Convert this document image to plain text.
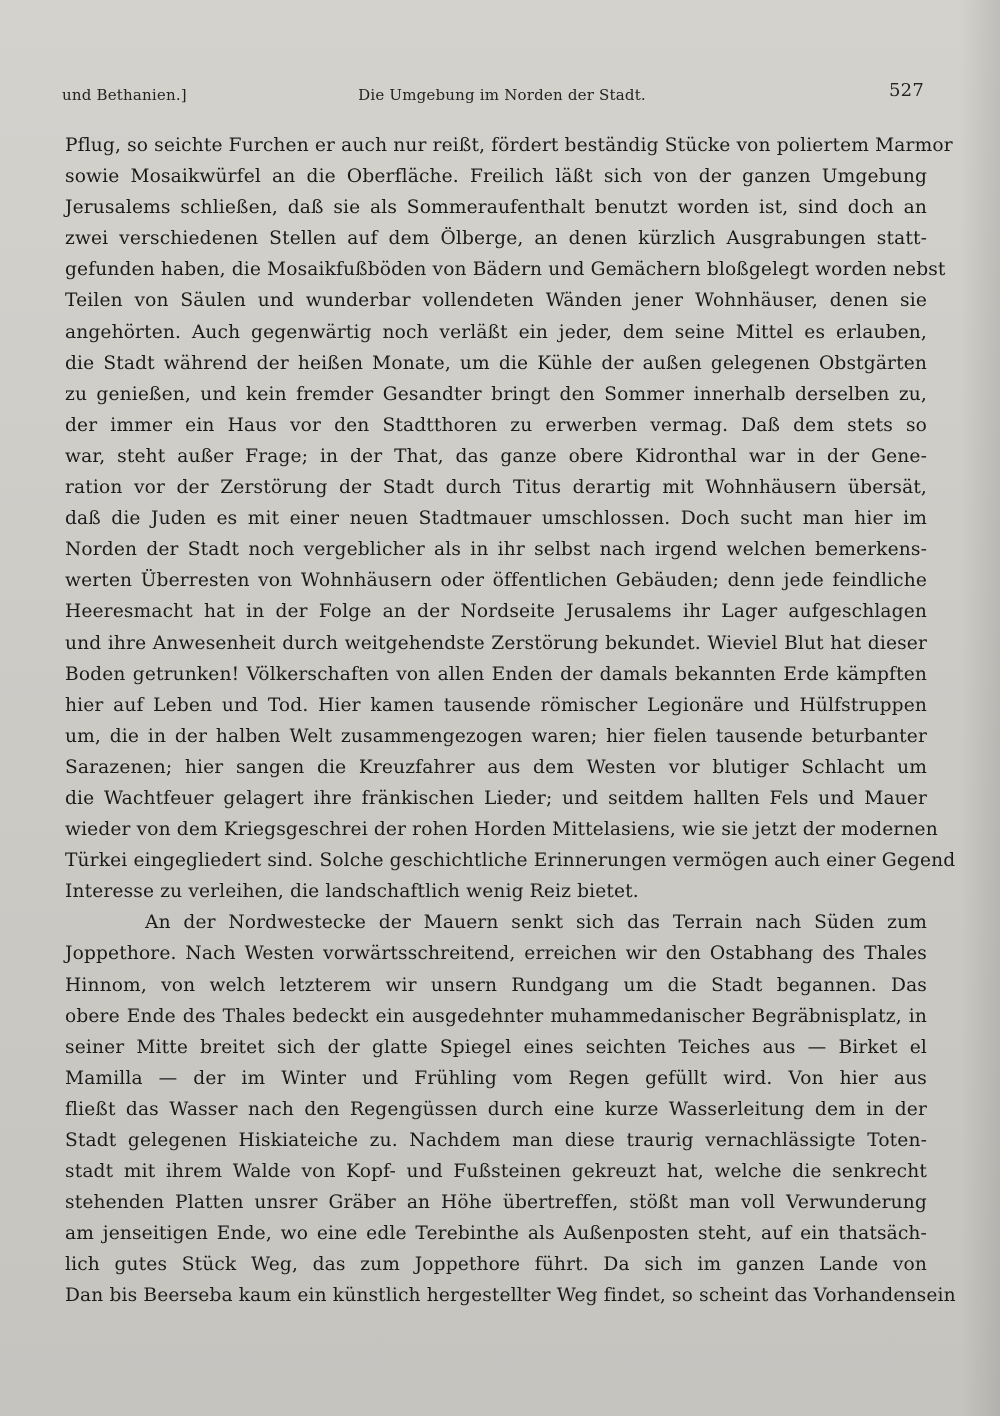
und Bethanien.]	Die Umgebung im Norden der Stadt.	527

Pflug, so seichte Furchen er auch nur reißt, fördert beständig Stücke von poliertem Marmor
sowie Mosaikwürfel an die Oberfläche. Freilich läßt sich von der ganzen Umgebung
Jerusalems schließen, daß sie als Sommeraufenthalt benutzt worden ist, sind doch an
zwei verschiedenen Stellen auf dem Ölberge, an denen kürzlich Ausgrabungen statt-
gefunden haben, die Mosaikfußböden von Bädern und Gemächern bloßgelegt worden nebst
Teilen von Säulen und wunderbar vollendeten Wänden jener Wohnhäuser, denen sie
angehörten. Auch gegenwärtig noch verläßt ein jeder, dem seine Mittel es erlauben,
die Stadt während der heißen Monate, um die Kühle der außen gelegenen Obstgärten
zu genießen, und kein fremder Gesandter bringt den Sommer innerhalb derselben zu,
der immer ein Haus vor den Stadtthoren zu erwerben vermag. Daß dem stets so
war, steht außer Frage; in der That, das ganze obere Kidronthal war in der Gene-
ration vor der Zerstörung der Stadt durch Titus derartig mit Wohnhäusern übersät,
daß die Juden es mit einer neuen Stadtmauer umschlossen. Doch sucht man hier im
Norden der Stadt noch vergeblicher als in ihr selbst nach irgend welchen bemerkens-
werten Überresten von Wohnhäusern oder öffentlichen Gebäuden; denn jede feindliche
Heeresmacht hat in der Folge an der Nordseite Jerusalems ihr Lager aufgeschlagen
und ihre Anwesenheit durch weitgehendste Zerstörung bekundet. Wieviel Blut hat dieser
Boden getrunken! Völkerschaften von allen Enden der damals bekannten Erde kämpften
hier auf Leben und Tod. Hier kamen tausende römischer Legionäre und Hülfstruppen
um, die in der halben Welt zusammengezogen waren; hier fielen tausende beturbanter
Sarazenen; hier sangen die Kreuzfahrer aus dem Westen vor blutiger Schlacht um
die Wachtfeuer gelagert ihre fränkischen Lieder; und seitdem hallten Fels und Mauer
wieder von dem Kriegsgeschrei der rohen Horden Mittelasiens, wie sie jetzt der modernen
Türkei eingegliedert sind. Solche geschichtliche Erinnerungen vermögen auch einer Gegend
Interesse zu verleihen, die landschaftlich wenig Reiz bietet.

An der Nordwestecke der Mauern senkt sich das Terrain nach Süden zum
Joppethore. Nach Westen vorwärtsschreitend, erreichen wir den Ostabhang des Thales
Hinnom, von welch letzterem wir unsern Rundgang um die Stadt begannen. Das
obere Ende des Thales bedeckt ein ausgedehnter muhammedanischer Begräbnisplatz, in
seiner Mitte breitet sich der glatte Spiegel eines seichten Teiches aus — Birket el
Mamilla — der im Winter und Frühling vom Regen gefüllt wird. Von hier aus
fließt das Wasser nach den Regengüssen durch eine kurze Wasserleitung dem in der
Stadt gelegenen Hiskiateiche zu. Nachdem man diese traurig vernachlässigte Toten-
stadt mit ihrem Walde von Kopf- und Fußsteinen gekreuzt hat, welche die senkrecht
stehenden Platten unsrer Gräber an Höhe übertreffen, stößt man voll Verwunderung
am jenseitigen Ende, wo eine edle Terebinthe als Außenposten steht, auf ein thatsäch-
lich gutes Stück Weg, das zum Joppethore führt. Da sich im ganzen Lande von
Dan bis Beerseba kaum ein künstlich hergestellter Weg findet, so scheint das Vorhandensein
